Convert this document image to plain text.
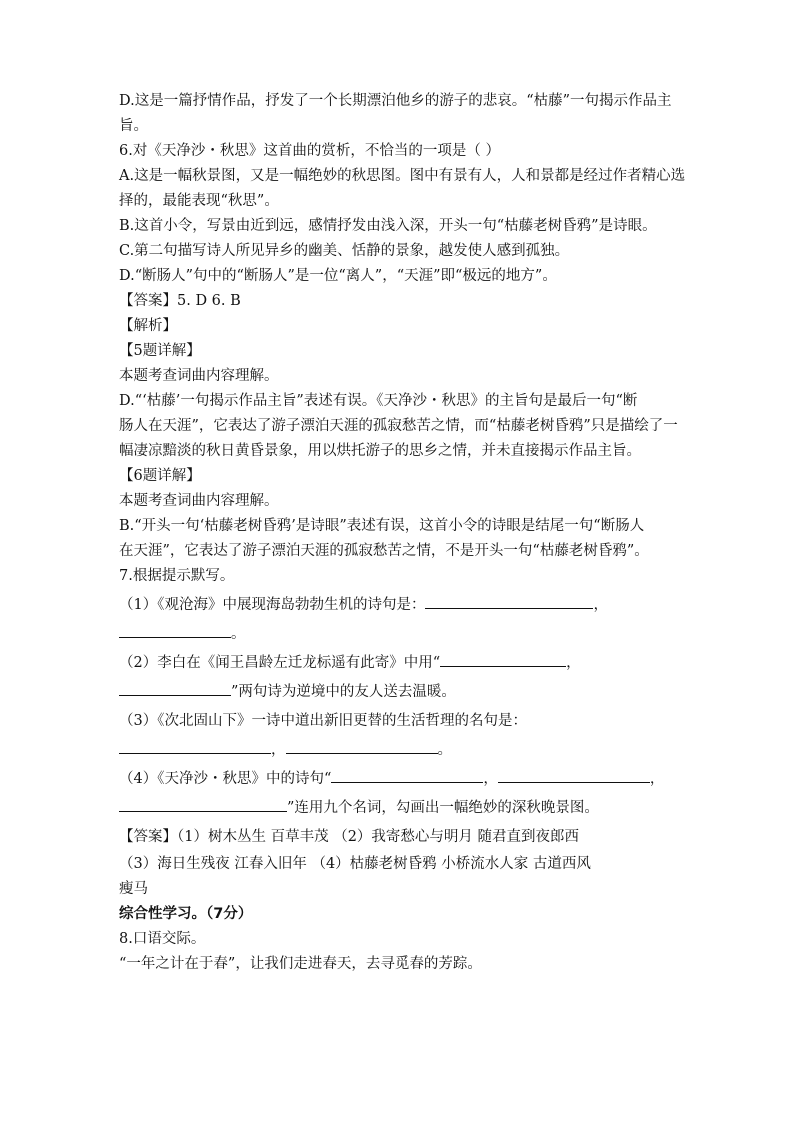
D.这是一篇抒情作品，抒发了一个长期漂泊他乡的游子的悲哀。“枯藤”一句揭示作品主
旨。
6.对《天净沙・秋思》这首曲的赏析，不恰当的一项是（ ）
A.这是一幅秋景图，又是一幅绝妙的秋思图。图中有景有人，人和景都是经过作者精心选
择的，最能表现“秋思”。
B.这首小令，写景由近到远，感情抒发由浅入深，开头一句“枯藤老树昏鸦”是诗眼。
C.第二句描写诗人所见异乡的幽美、恬静的景象，越发使人感到孤独。
D.“断肠人”句中的“断肠人”是一位“离人”，“天涯”即“极远的地方”。
【答案】5. D 6. B
【解析】
【5题详解】
本题考查词曲内容理解。
D.“‘枯藤’一句揭示作品主旨”表述有误。《天净沙・秋思》的主旨句是最后一句“断
肠人在天涯”，它表达了游子漂泊天涯的孤寂愁苦之情，而“枯藤老树昏鸦”只是描绘了一
幅凄凉黯淡的秋日黄昏景象，用以烘托游子的思乡之情，并未直接揭示作品主旨。
【6题详解】
本题考查词曲内容理解。
B.“开头一句‘枯藤老树昏鸦’是诗眼”表述有误，这首小令的诗眼是结尾一句“断肠人
在天涯”，它表达了游子漂泊天涯的孤寂愁苦之情，不是开头一句“枯藤老树昏鸦”。
7.根据提示默写。
（1）《观沧海》中展现海岛勃勃生机的诗句是：	，
。
（2）李白在《闻王昌龄左迁龙标遥有此寄》中用“	，
”两句诗为逆境中的友人送去温暖。
（3）《次北固山下》一诗中道出新旧更替的生活哲理的名句是：
，	。
（4）《天净沙・秋思》中的诗句“	，	，
”连用九个名词，勾画出一幅绝妙的深秋晚景图。
【答案】（1）树木丛生 百草丰茂 （2）我寄愁心与明月 随君直到夜郎西
（3）海日生残夜 江春入旧年 （4）枯藤老树昏鸦 小桥流水人家 古道西风
瘦马
综合性学习。（7分）
8.口语交际。
“一年之计在于春”，让我们走进春天，去寻觅春的芳踪。
